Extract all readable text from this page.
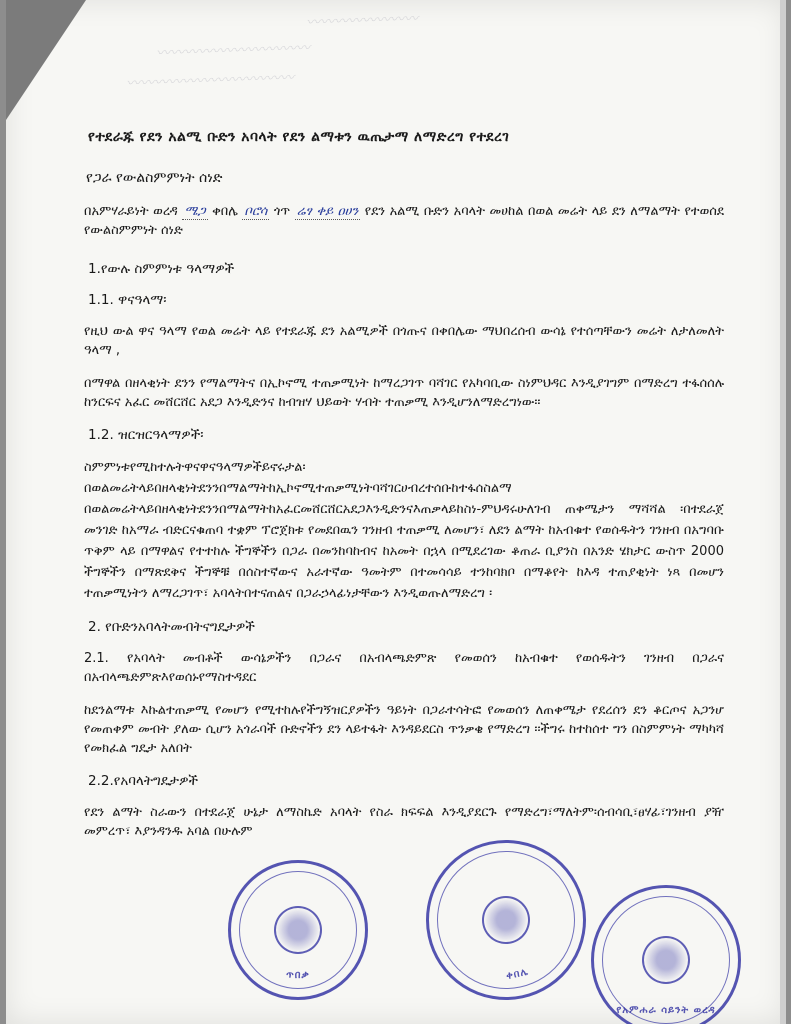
〰〰〰〰〰〰〰〰
〰〰〰〰〰〰〰〰〰〰〰
〰〰〰〰〰〰〰〰〰〰〰〰
የተደራጁ የደን አልሚ ቡድን አባላት የደን ልማቱን ዉጤታማ ለማድረግ የተደረገ
የጋራ የውልስምምነት ሰነድ
በአምሃራይነት ወረዳ ሜጋ ቀበሌ ቦሮሳ ጎጥ ሬፃ ቀይ ዐሀን የደን አልሚ ቡድን አባላት መሀከል በወል መሬት ላይ ደን ለማልማት የተወሰደ የውልስምምነት ሰነድ
1.የውሉ ስምምነቱ ዓላማዎች
1.1. ዋናዓላማ፡
የዚህ ውል ዋና ዓላማ የወል መሬት ላይ የተደራጁ ደን አልሚዎች በጎጡና በቀበሌው ማህበረሰብ ውሳኔ የተሰጣቸውን መሬት ለታለመለት ዓላማ ,
በማዋል በዘላቂነት ደንን የማልማትና በኢኮኖሚ ተጠቃሚነት ከማረጋገጥ ባሻገር የአካባቢው ስነምህዳር እንዲያገግም በማድረግ ተፋሰሰሉ ከንርፍና አፈር መሸርሸር አደጋ እንዲድንና ከብዝሃ ህይወት ሃብት ተጠቃሚ እንዲሆንለማድረግነው፡፡
1.2. ዝርዝርዓላማዎች፡
ስምምነቱየሚከተሉትዋናዋናዓላማዎችይኖሩታል፡ በወልመሬትላይበዘላቂነትደንንበማልማትከኢኮኖሚተጠቃሚነትባሻገርሀብረተሰቡከተፋሰስልማ በወልመሬትላይበዘላቂነትደንንበማልማትከአፈርመሸርሸርአደጋእንዲድንናእጠቃላይከስነ-ምህዳሩሁለገብ ጠቀሜታን ማሻሻል ፡በተደራጀ መንገድ ከአማራ ብድርናቁጠባ ተቋም ፕሮጀክቱ የመደበዉን ገንዘብ ተጠቃሚ ለመሆን፣ ለደን ልማት ከአብቁተ የወሰዱትን ገንዘብ በአግባቡ ጥቅም ላይ በማዋልና የተተከሉ ችግኞችን በጋራ በመንከባከብና ከአመት በኋላ በሚደረገው ቆጠራ ቢያንስ በአንድ ሄክታር ውስጥ 2000 ችግኞችን በማጽደቅና ችግኞቹ በሰስተኛውና አራተኛው ዓመትም በተመሳሳይ ተንከባክቦ በማቆየት ከእዳ ተጠያቂነት ነጻ በመሆን ተጠቃሚነትን ለማረጋገጥ፣ አባላትበተናጠልና በጋራኃላፊነታቸውን እንዲወጡለማድረግ ፡
2. የቡድንአባላትመብትናግዴታዎች
2.1. የአባላት መብቶች ውሳኔዎችን በጋራና በአብላጫድምጽ የመወሰን ከአብቁተ የወሰዱትን ገንዘብ በጋራና በአብላጫድምጽእየወሰኑየማስተዳደር
ከደንልማቱ እኩልተጠቃሚ የመሆን የሚተከሉየችግኝዝርያዎችን ዓይነት በጋራተሳትፎ የመወሰን ለጠቀሜታ የደረሰን ደን ቆርጦና አጋንሆ የመጠቀም መብት ያለው ሲሆን አጎራባች ቡድኖችን ደን ላይተፋት እንዳይደርስ ጥንቃቄ የማድረግ ፡፡ችግሩ ከተከሰተ ግን በስምምነት ማካካሻ የመክፈል ግዴታ አለበት
2.2.የአባላትግዴታዎች
የደን ልማት ስራውን በተደራጀ ሁኔታ ለማስኬድ አባላት የስራ ክፍፍል እንዲያደርጉ የማድረግ፣ማለትም፡ሰብሳቢ፣ፀሃፊ፣ገንዘብ ያዥ መምረጥ፣ እያንዳንዱ አባል በሁሉም
ጥበቃ	ቀበሌ
የአምሐራ ሳይንት ወረዳ
